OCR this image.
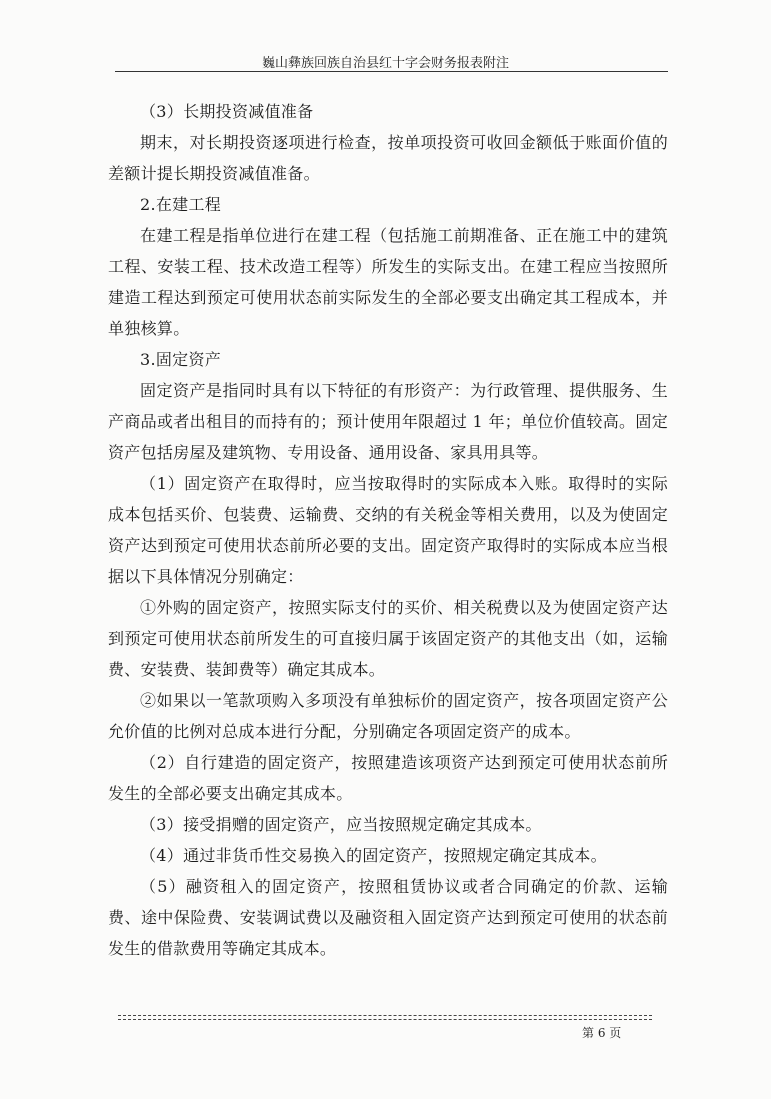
巍山彝族回族自治县红十字会财务报表附注

（3）长期投资减值准备

期末，对长期投资逐项进行检查，按单项投资可收回金额低于账面价值的差额计提长期投资减值准备。

2.在建工程

在建工程是指单位进行在建工程（包括施工前期准备、正在施工中的建筑工程、安装工程、技术改造工程等）所发生的实际支出。在建工程应当按照所建造工程达到预定可使用状态前实际发生的全部必要支出确定其工程成本，并单独核算。

3.固定资产

固定资产是指同时具有以下特征的有形资产：为行政管理、提供服务、生产商品或者出租目的而持有的；预计使用年限超过 1 年；单位价值较高。固定资产包括房屋及建筑物、专用设备、通用设备、家具用具等。

（1）固定资产在取得时，应当按取得时的实际成本入账。取得时的实际成本包括买价、包装费、运输费、交纳的有关税金等相关费用，以及为使固定资产达到预定可使用状态前所必要的支出。固定资产取得时的实际成本应当根据以下具体情况分别确定：

①外购的固定资产，按照实际支付的买价、相关税费以及为使固定资产达到预定可使用状态前所发生的可直接归属于该固定资产的其他支出（如，运输费、安装费、装卸费等）确定其成本。

②如果以一笔款项购入多项没有单独标价的固定资产，按各项固定资产公允价值的比例对总成本进行分配，分别确定各项固定资产的成本。

（2）自行建造的固定资产，按照建造该项资产达到预定可使用状态前所发生的全部必要支出确定其成本。

（3）接受捐赠的固定资产，应当按照规定确定其成本。

（4）通过非货币性交易换入的固定资产，按照规定确定其成本。

（5）融资租入的固定资产，按照租赁协议或者合同确定的价款、运输费、途中保险费、安装调试费以及融资租入固定资产达到预定可使用的状态前发生的借款费用等确定其成本。

第 6 页
